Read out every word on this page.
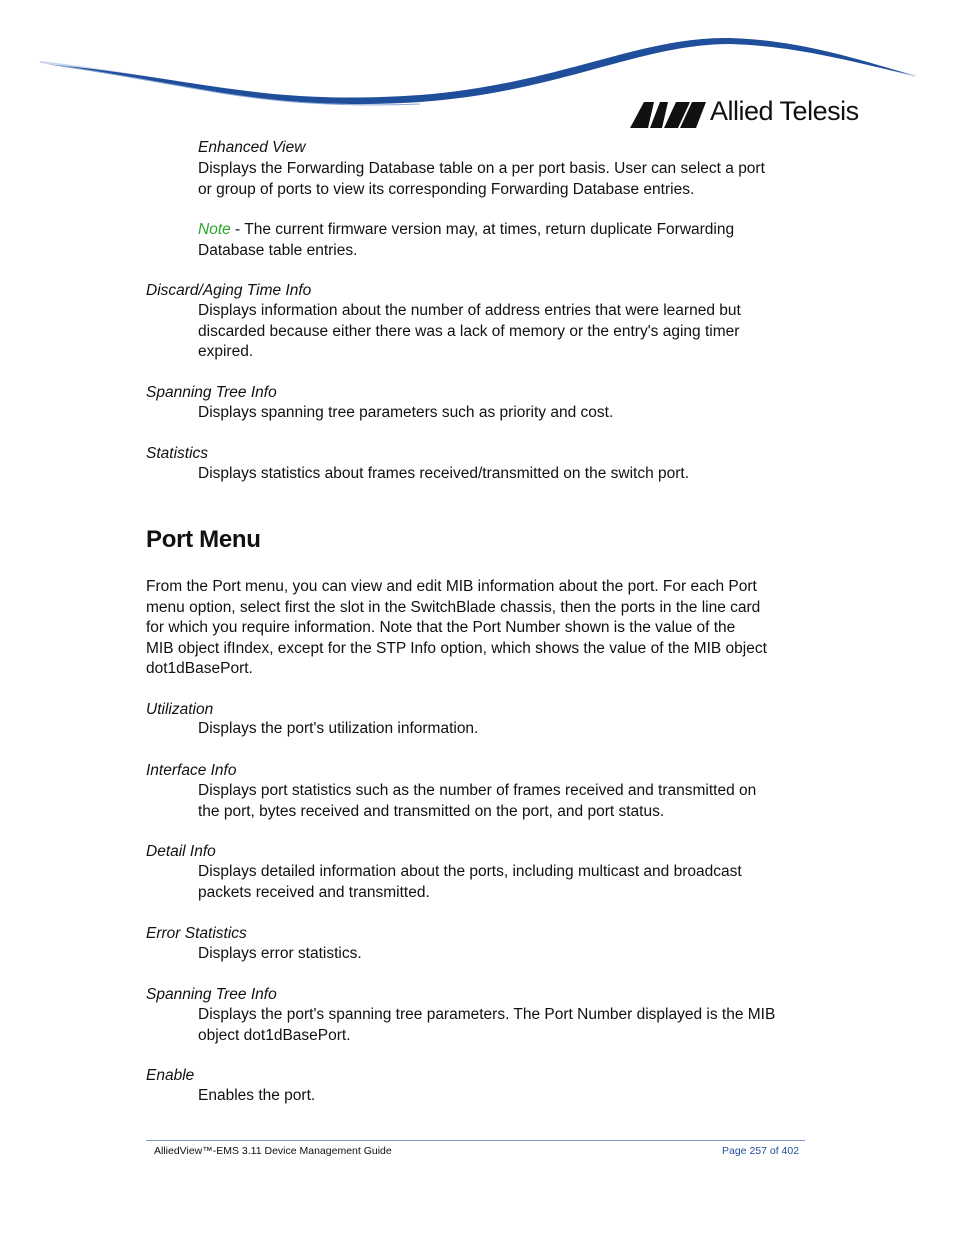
Allied Telesis
Enhanced View
Displays the Forwarding Database table on a per port basis. User can select a port
or group of ports to view its corresponding Forwarding Database entries.
Note - The current firmware version may, at times, return duplicate Forwarding
Database table entries.
Discard/Aging Time Info
Displays information about the number of address entries that were learned but
discarded because either there was a lack of memory or the entry's aging timer
expired.
Spanning Tree Info
Displays spanning tree parameters such as priority and cost.
Statistics
Displays statistics about frames received/transmitted on the switch port.
Port Menu
From the Port menu, you can view and edit MIB information about the port. For each Port
menu option, select first the slot in the SwitchBlade chassis, then the ports in the line card
for which you require information. Note that the Port Number shown is the value of the
MIB object ifIndex, except for the STP Info option, which shows the value of the MIB object
dot1dBasePort.
Utilization
Displays the port's utilization information.
Interface Info
Displays port statistics such as the number of frames received and transmitted on
the port, bytes received and transmitted on the port, and port status.
Detail Info
Displays detailed information about the ports, including multicast and broadcast
packets received and transmitted.
Error Statistics
Displays error statistics.
Spanning Tree Info
Displays the port's spanning tree parameters. The Port Number displayed is the MIB
object dot1dBasePort.
Enable
Enables the port.
AlliedView™-EMS 3.11 Device Management Guide	Page 257 of 402
